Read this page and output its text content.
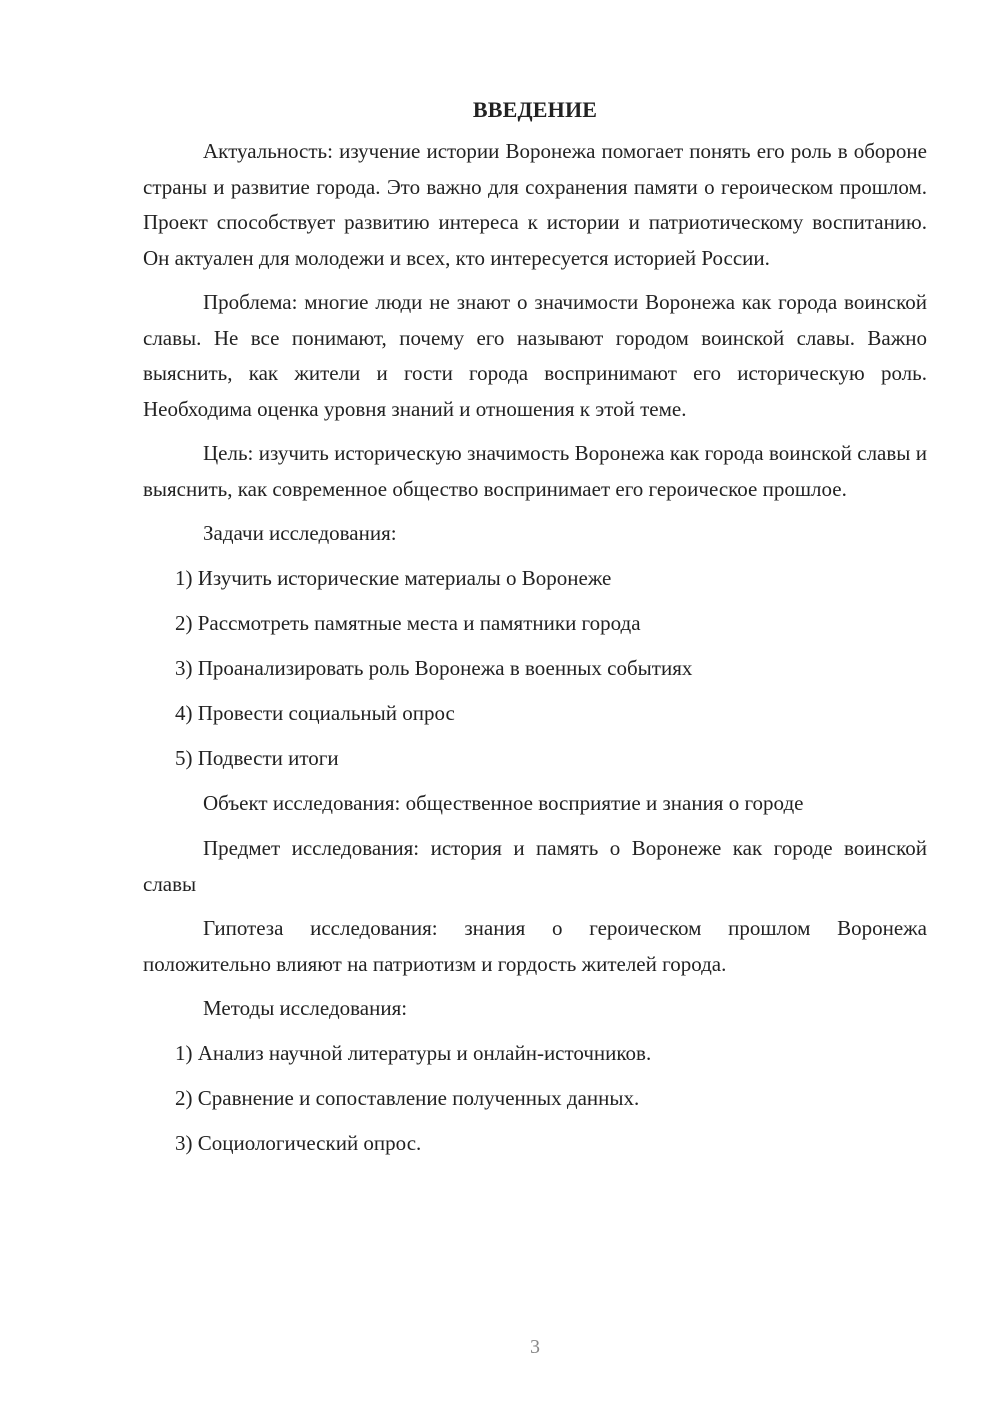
ВВЕДЕНИЕ

Актуальность: изучение истории Воронежа помогает понять его роль в обороне страны и развитие города. Это важно для сохранения памяти о героическом прошлом. Проект способствует развитию интереса к истории и патриотическому воспитанию. Он актуален для молодежи и всех, кто интересуется историей России.

Проблема: многие люди не знают о значимости Воронежа как города воинской славы. Не все понимают, почему его называют городом воинской славы. Важно выяснить, как жители и гости города воспринимают его историческую роль. Необходима оценка уровня знаний и отношения к этой теме.

Цель: изучить историческую значимость Воронежа как города воинской славы и выяснить, как современное общество воспринимает его героическое прошлое.

Задачи исследования:
1) Изучить исторические материалы о Воронеже
2) Рассмотреть памятные места и памятники города
3) Проанализировать роль Воронежа в военных событиях
4) Провести социальный опрос
5) Подвести итоги
Объект исследования: общественное восприятие и знания о городе

Предмет исследования: история и память о Воронеже как городе воинской славы

Гипотеза исследования: знания о героическом прошлом Воронежа положительно влияют на патриотизм и гордость жителей города.

Методы исследования:
1) Анализ научной литературы и онлайн-источников.
2) Сравнение и сопоставление полученных данных.
3) Социологический опрос.
3
